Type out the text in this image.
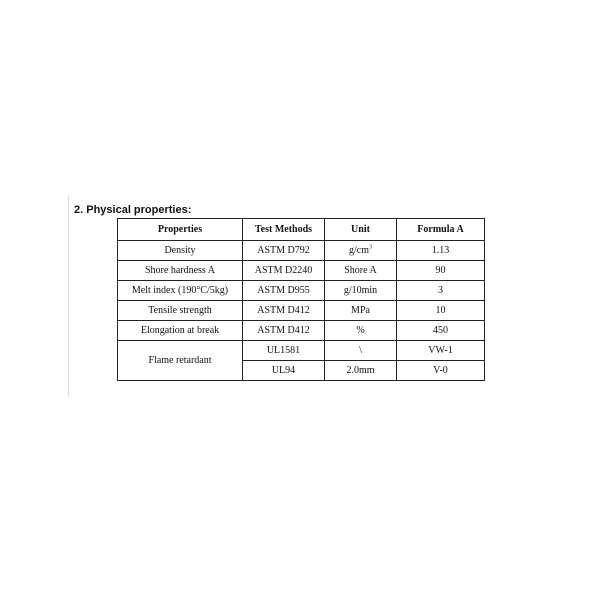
2. Physical properties:
Properties	Test Methods	Unit	Formula A
Density	ASTM D792	$g/cm^3$	1.13
Shore hardness A	ASTM D2240	Shore A	90
Melt index (190°C/5kg)	ASTM D955	g/10min	3
Tensile strength	ASTM D412	MPa	10
Elongation at break	ASTM D412	%	450
Flame retardant	UL1581	\	VW-1
	UL94	2.0mm	V-0
